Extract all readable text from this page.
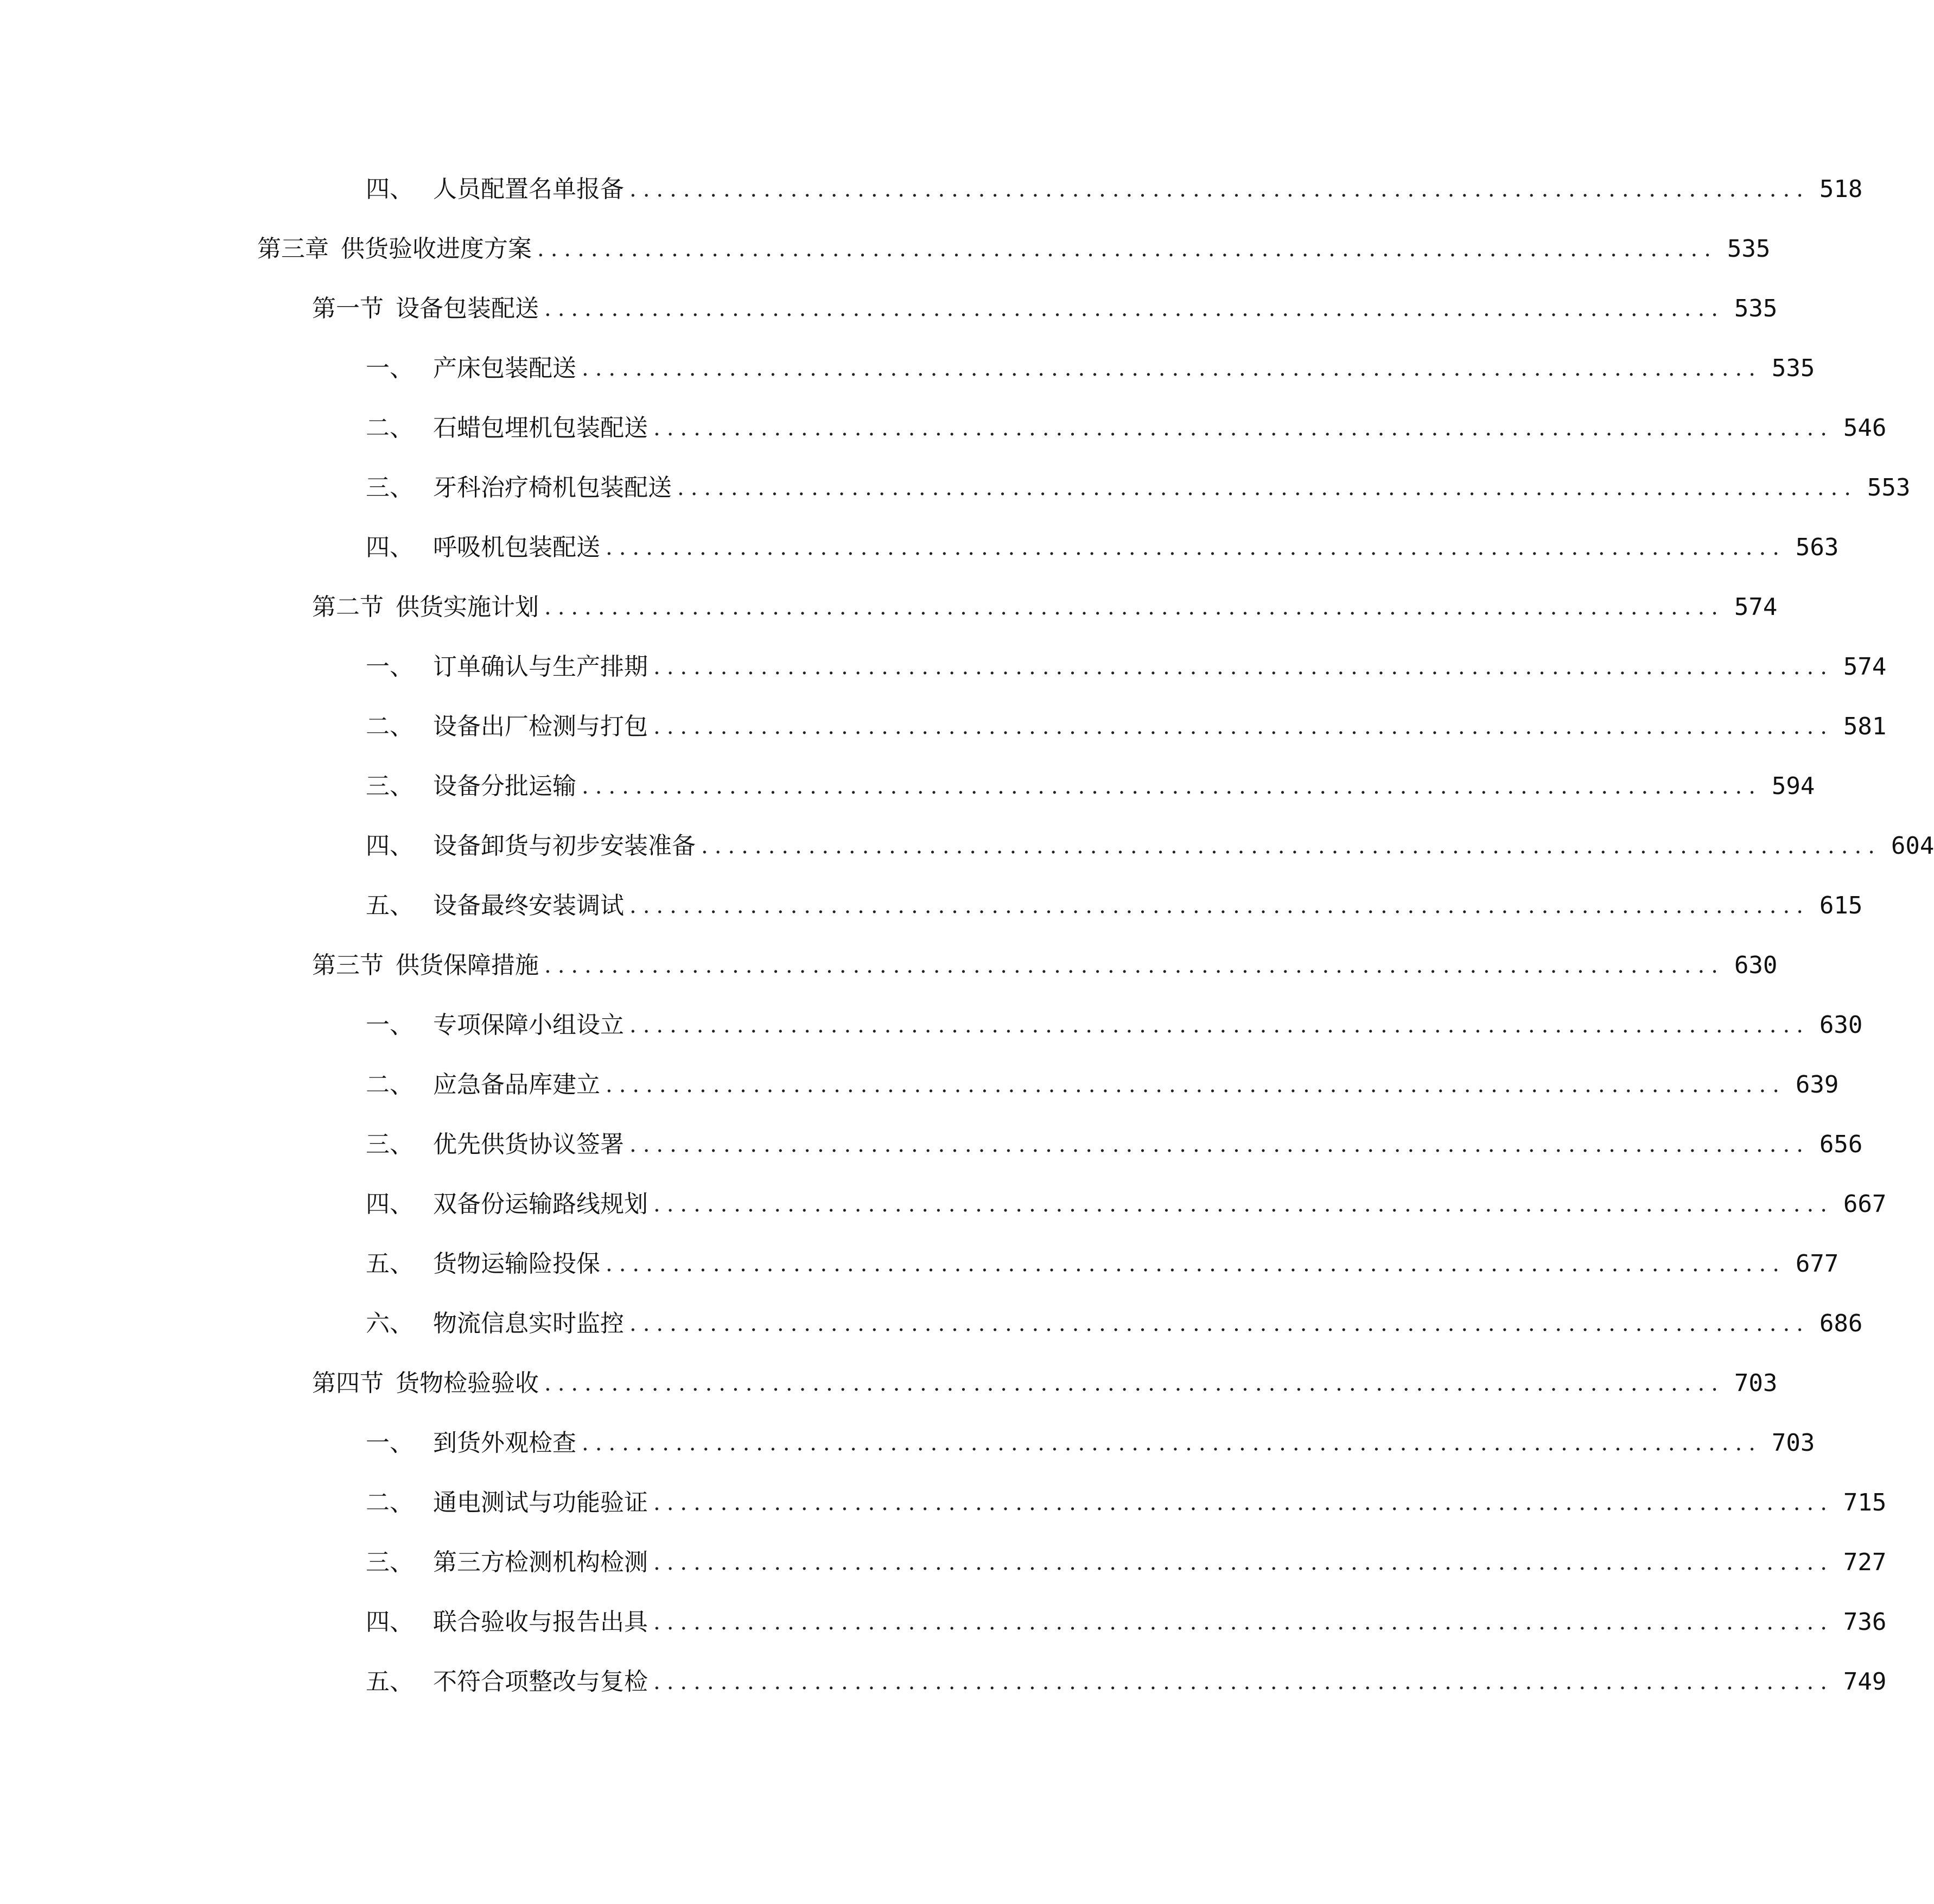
四、 人员配置名单报备 ........................................................................................ 518
第三章 供货验收进度方案 ........................................................................................ 535
第一节 设备包装配送 ........................................................................................ 535
一、 产床包装配送 ........................................................................................ 535
二、 石蜡包埋机包装配送 ........................................................................................ 546
三、 牙科治疗椅机包装配送 ........................................................................................ 553
四、 呼吸机包装配送 ........................................................................................ 563
第二节 供货实施计划 ........................................................................................ 574
一、 订单确认与生产排期 ........................................................................................ 574
二、 设备出厂检测与打包 ........................................................................................ 581
三、 设备分批运输 ........................................................................................ 594
四、 设备卸货与初步安装准备 ........................................................................................ 604
五、 设备最终安装调试 ........................................................................................ 615
第三节 供货保障措施 ........................................................................................ 630
一、 专项保障小组设立 ........................................................................................ 630
二、 应急备品库建立 ........................................................................................ 639
三、 优先供货协议签署 ........................................................................................ 656
四、 双备份运输路线规划 ........................................................................................ 667
五、 货物运输险投保 ........................................................................................ 677
六、 物流信息实时监控 ........................................................................................ 686
第四节 货物检验验收 ........................................................................................ 703
一、 到货外观检查 ........................................................................................ 703
二、 通电测试与功能验证 ........................................................................................ 715
三、 第三方检测机构检测 ........................................................................................ 727
四、 联合验收与报告出具 ........................................................................................ 736
五、 不符合项整改与复检 ........................................................................................ 749
